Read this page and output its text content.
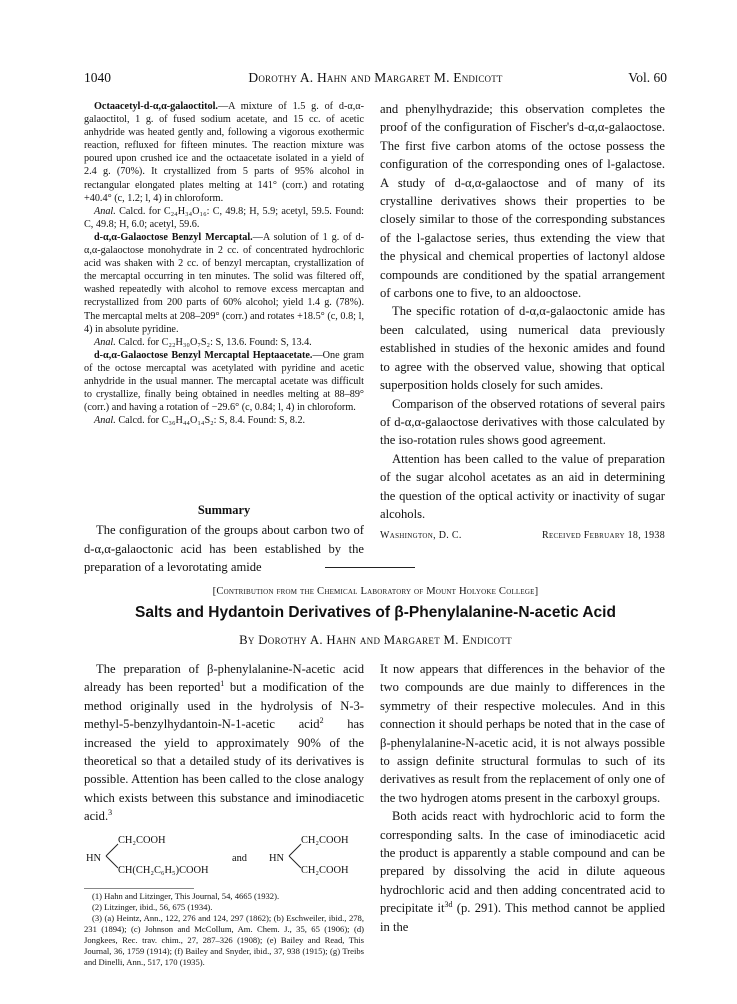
1040	Dorothy A. Hahn and Margaret M. Endicott	Vol. 60

Octaacetyl-d-α,α-galaoctitol.—A mixture of 1.5 g. of d-α,α-galaoctitol, 1 g. of fused sodium acetate, and 15 cc. of acetic anhydride was heated gently and, following a vigorous exothermic reaction, refluxed for fifteen minutes. The reaction mixture was poured upon crushed ice and the octaacetate isolated in a yield of 2.4 g. (70%). It crystallized from 5 parts of 95% alcohol in rectangular elongated plates melting at 141° (corr.) and rotating +40.4° (c, 1.2; l, 4) in chloroform.

Anal. Calcd. for C₂₄H₃₄O₁₆: C, 49.8; H, 5.9; acetyl, 59.5. Found: C, 49.8; H, 6.0; acetyl, 59.6.

d-α,α-Galaoctose Benzyl Mercaptal.—A solution of 1 g. of d-α,α-galaoctose monohydrate in 2 cc. of concentrated hydrochloric acid was shaken with 2 cc. of benzyl mercaptan, crystallization of the mercaptal occurring in ten minutes. The solid was filtered off, washed repeatedly with alcohol to remove excess mercaptan and recrystallized from 200 parts of 60% alcohol; yield 1.4 g. (78%). The mercaptal melts at 208–209° (corr.) and rotates +18.5° (c, 0.8; l, 4) in absolute pyridine.

Anal. Calcd. for C₂₂H₃₀O₇S₂: S, 13.6. Found: S, 13.4.

d-α,α-Galaoctose Benzyl Mercaptal Heptaacetate.—One gram of the octose mercaptal was acetylated with pyridine and acetic anhydride in the usual manner. The mercaptal acetate was difficult to crystallize, finally being obtained in needles melting at 88–89° (corr.) and having a rotation of −29.6° (c, 0.84; l, 4) in chloroform.

Anal. Calcd. for C₃₆H₄₄O₁₄S₂: S, 8.4. Found: S, 8.2.

Summary

The configuration of the groups about carbon two of d-α,α-galaoctonic acid has been established by the preparation of a levorotating amide

and phenylhydrazide; this observation completes the proof of the configuration of Fischer's d-α,α-galaoctose. The first five carbon atoms of the octose possess the configuration of the corresponding ones of l-galactose. A study of d-α,α-galaoctose and of many of its crystalline derivatives shows their properties to be closely similar to those of the corresponding substances of the l-galactose series, thus extending the view that the physical and chemical properties of lactonyl aldose compounds are conditioned by the spatial arrangement of carbons one to five, to an aldooctose.

The specific rotation of d-α,α-galaoctonic amide has been calculated, using numerical data previously established in studies of the hexonic amides and found to agree with the observed value, showing that optical superposition holds closely for such amides.

Comparison of the observed rotations of several pairs of d-α,α-galaoctose derivatives with those calculated by the iso-rotation rules shows good agreement.

Attention has been called to the value of preparation of the sugar alcohol acetates as an aid in determining the question of the optical activity or inactivity of sugar alcohols.

Washington, D. C.	Received February 18, 1938
[Contribution from the Chemical Laboratory of Mount Holyoke College]
Salts and Hydantoin Derivatives of β-Phenylalanine-N-acetic Acid
By Dorothy A. Hahn and Margaret M. Endicott

The preparation of β-phenylalanine-N-acetic acid already has been reported$^1$ but a modification of the method originally used in the hydrolysis of N-3-methyl-5-benzylhydantoin-N-1-acetic acid$^2$ has increased the yield to approximately 90% of the theoretical so that a detailed study of its derivatives is possible. Attention has been called to the close analogy which exists between this substance and iminodiacetic acid.$^3$

HN
CH₂COOH
CH(CH₂C₆H₅)COOH
and HN
CH₂COOH
CH₂COOH
(1) Hahn and Litzinger, This Journal, 54, 4665 (1932).
(2) Litzinger, ibid., 56, 675 (1934).
(3) (a) Heintz, Ann., 122, 276 and 124, 297 (1862); (b) Eschweiler, ibid., 278, 231 (1894); (c) Johnson and McCollum, Am. Chem. J., 35, 65 (1906); (d) Jongkees, Rec. trav. chim., 27, 287–326 (1908); (e) Bailey and Read, This Journal, 36, 1759 (1914); (f) Bailey and Snyder, ibid., 37, 938 (1915); (g) Treibs and Dinelli, Ann., 517, 170 (1935).

It now appears that differences in the behavior of the two compounds are due mainly to differences in the symmetry of their respective molecules. And in this connection it should perhaps be noted that in the case of β-phenylalanine-N-acetic acid, it is not always possible to assign definite structural formulas to such of its derivatives as result from the replacement of only one of the two hydrogen atoms present in the carboxyl groups.

Both acids react with hydrochloric acid to form the corresponding salts. In the case of iminodiacetic acid the product is apparently a stable compound and can be prepared by dissolving the acid in dilute aqueous hydrochloric acid and then adding concentrated acid to precipitate $it^{3d}$ (p. 291). This method cannot be applied in the
